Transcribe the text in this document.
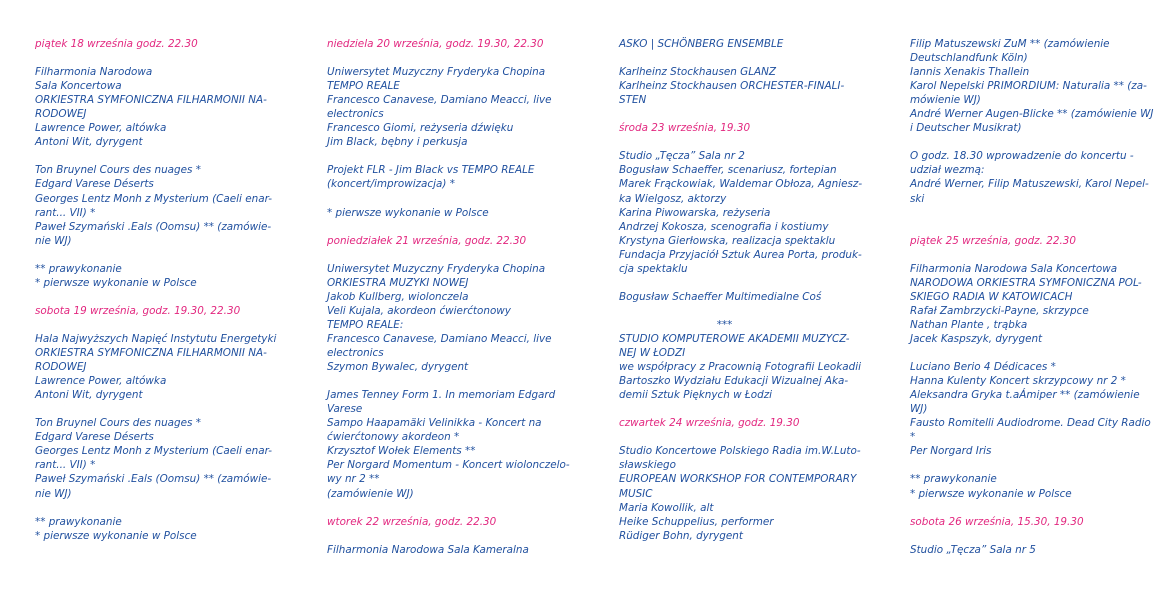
piątek 18 września godz. 22.30
Filharmonia Narodowa
Sala Koncertowa
ORKIESTRA SYMFONICZNA FILHARMONII NA-
RODOWEJ
Lawrence Power, altówka
Antoni Wit, dyrygent
Ton Bruynel Cours des nuages *
Edgard Varese Déserts
Georges Lentz Monh z Mysterium (Caeli enar-
rant... VII) *
Paweł Szymański .Eals (Oomsu) ** (zamówie-
nie WJ)
** prawykonanie
* pierwsze wykonanie w Polsce
sobota 19 września, godz. 19.30, 22.30
Hala Najwyższych Napięć Instytutu Energetyki
ORKIESTRA SYMFONICZNA FILHARMONII NA-
RODOWEJ
Lawrence Power, altówka
Antoni Wit, dyrygent
Ton Bruynel Cours des nuages *
Edgard Varese Déserts
Georges Lentz Monh z Mysterium (Caeli enar-
rant... VII) *
Paweł Szymański .Eals (Oomsu) ** (zamówie-
nie WJ)
** prawykonanie
* pierwsze wykonanie w Polsce
niedziela 20 września, godz. 19.30, 22.30
Uniwersytet Muzyczny Fryderyka Chopina
TEMPO REALE
Francesco Canavese, Damiano Meacci, live
electronics
Francesco Giomi, reżyseria dźwięku
Jim Black, bębny i perkusja
Projekt FLR - Jim Black vs TEMPO REALE
(koncert/improwizacja) *
* pierwsze wykonanie w Polsce
poniedziałek 21 września, godz. 22.30
Uniwersytet Muzyczny Fryderyka Chopina
ORKIESTRA MUZYKI NOWEJ
Jakob Kullberg, wiolonczela
Veli Kujala, akordeon ćwierćtonowy
TEMPO REALE:
Francesco Canavese, Damiano Meacci, live
electronics
Szymon Bywalec, dyrygent
James Tenney Form 1. In memoriam Edgard
Varese
Sampo Haapamäki Velinikka - Koncert na
ćwierćtonowy akordeon *
Krzysztof Wołek Elements **
Per Norgard Momentum - Koncert wiolonczelo-
wy nr 2 **
(zamówienie WJ)
wtorek 22 września, godz. 22.30
Filharmonia Narodowa Sala Kameralna
ASKO | SCHÖNBERG ENSEMBLE
Karlheinz Stockhausen GLANZ
Karlheinz Stockhausen ORCHESTER-FINALI-
STEN
środa 23 września, 19.30
Studio „Tęcza” Sala nr 2
Bogusław Schaeffer, scenariusz, fortepian
Marek Frąckowiak, Waldemar Obłoza, Agniesz-
ka Wielgosz, aktorzy
Karina Piwowarska, reżyseria
Andrzej Kokosza, scenografia i kostiumy
Krystyna Gierłowska, realizacja spektaklu
Fundacja Przyjaciół Sztuk Aurea Porta, produk-
cja spektaklu
Bogusław Schaeffer Multimedialne Coś
***
STUDIO KOMPUTEROWE AKADEMII MUZYCZ-
NEJ W ŁODZI
we współpracy z Pracownią Fotografii Leokadii
Bartoszko Wydziału Edukacji Wizualnej Aka-
demii Sztuk Pięknych w Łodzi
czwartek 24 września, godz. 19.30
Studio Koncertowe Polskiego Radia im.W.Luto-
sławskiego
EUROPEAN WORKSHOP FOR CONTEMPORARY
MUSIC
Maria Kowollik, alt
Heike Schuppelius, performer
Rüdiger Bohn, dyrygent
Filip Matuszewski ZuM ** (zamówienie
Deutschlandfunk Köln)
Iannis Xenakis Thallein
Karol Nepelski PRIMORDIUM: Naturalia ** (za-
mówienie WJ)
André Werner Augen-Blicke ** (zamówienie WJ
i Deutscher Musikrat)
O godz. 18.30 wprowadzenie do koncertu -
udział wezmą:
André Werner, Filip Matuszewski, Karol Nepel-
ski
piątek 25 września, godz. 22.30
Filharmonia Narodowa Sala Koncertowa
NARODOWA ORKIESTRA SYMFONICZNA POL-
SKIEGO RADIA W KATOWICACH
Rafał Zambrzycki-Payne, skrzypce
Nathan Plante , trąbka
Jacek Kaspszyk, dyrygent
Luciano Berio 4 Dédicaces *
Hanna Kulenty Koncert skrzypcowy nr 2 *
Aleksandra Gryka t.aÁmiper ** (zamówienie
WJ)
Fausto Romitelli Audiodrome. Dead City Radio
*
Per Norgard Iris
** prawykonanie
* pierwsze wykonanie w Polsce
sobota 26 września, 15.30, 19.30
Studio „Tęcza” Sala nr 5
